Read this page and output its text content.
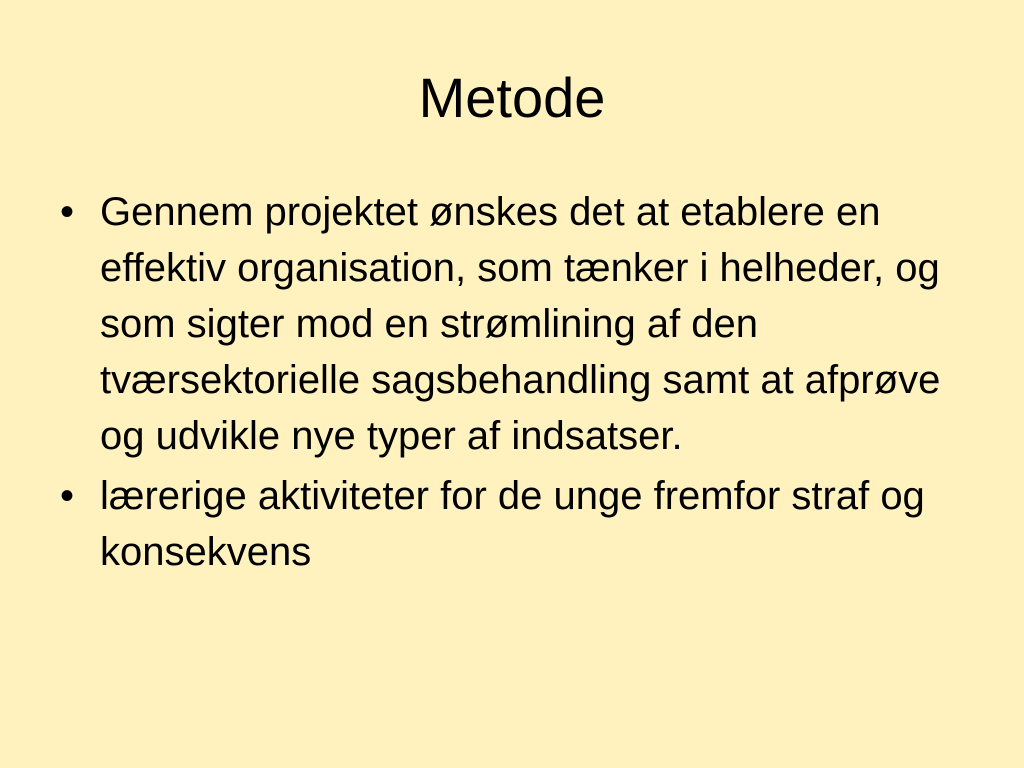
Metode
• Gennem projektet ønskes det at etablere en effektiv organisation, som tænker i helheder, og som sigter mod en strømlining af den tværsektorielle sagsbehandling samt at afprøve og udvikle nye typer af indsatser.
• lærerige aktiviteter for de unge fremfor straf og konsekvens
